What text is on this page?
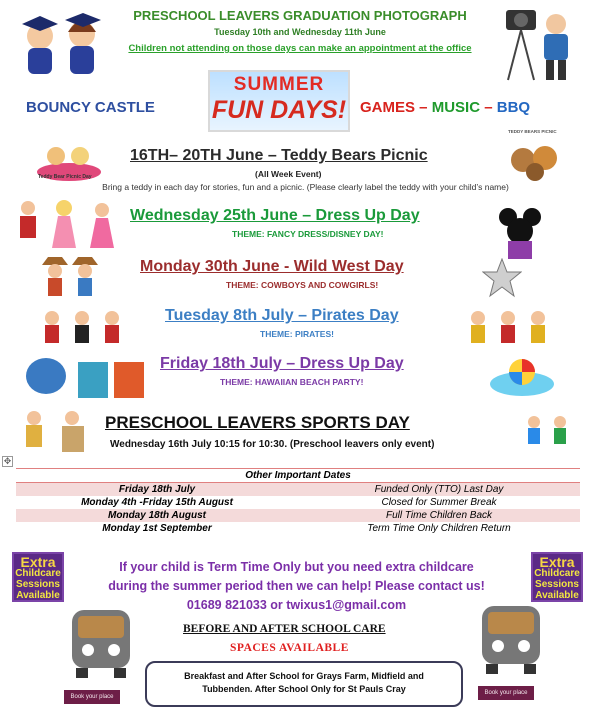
PRESCHOOL LEAVERS GRADUATION PHOTOGRAPH
Tuesday 10th and Wednesday 11th June
Children not attending on those days can make an appointment at the office
BOUNCY CASTLE
SUMMER
FUN DAYS! GAMES – MUSIC – BBQ
Teddy Bear Picnic Day
TEDDY BEARS PICNIC
16TH– 20TH June – Teddy Bears Picnic
(All Week Event)
Bring a teddy in each day for stories, fun and a picnic. (Please clearly label the teddy with your child’s name)
Wednesday 25th June – Dress Up Day
THEME: FANCY DRESS/DISNEY DAY!
Monday 30th June - Wild West Day
THEME: COWBOYS AND COWGIRLS!
Tuesday 8th July – Pirates Day
THEME: PIRATES!
Friday 18th July – Dress Up Day
THEME: HAWAIIAN BEACH PARTY!
PRESCHOOL LEAVERS SPORTS DAY
Wednesday 16th July 10:15 for 10:30. (Preschool leavers only event)
✥
Other Important Dates
Friday 18th July	Funded Only (TTO) Last Day
Monday 4th -Friday 15th August	Closed for Summer Break
Monday 18th August	Full Time Children Back
Monday 1st September	Term Time Only Children Return
Extra
Childcare
Sessions
Available
Extra
Childcare
Sessions
Available
If your child is Term Time Only but you need extra childcare
during the summer period then we can help! Please contact us!
01689 821033 or twixus1@gmail.com
Book your place
Book your place
BEFORE AND AFTER SCHOOL CARE
SPACES AVAILABLE
Breakfast and After School for Grays Farm, Midfield and
Tubbenden. After School Only for St Pauls Cray
